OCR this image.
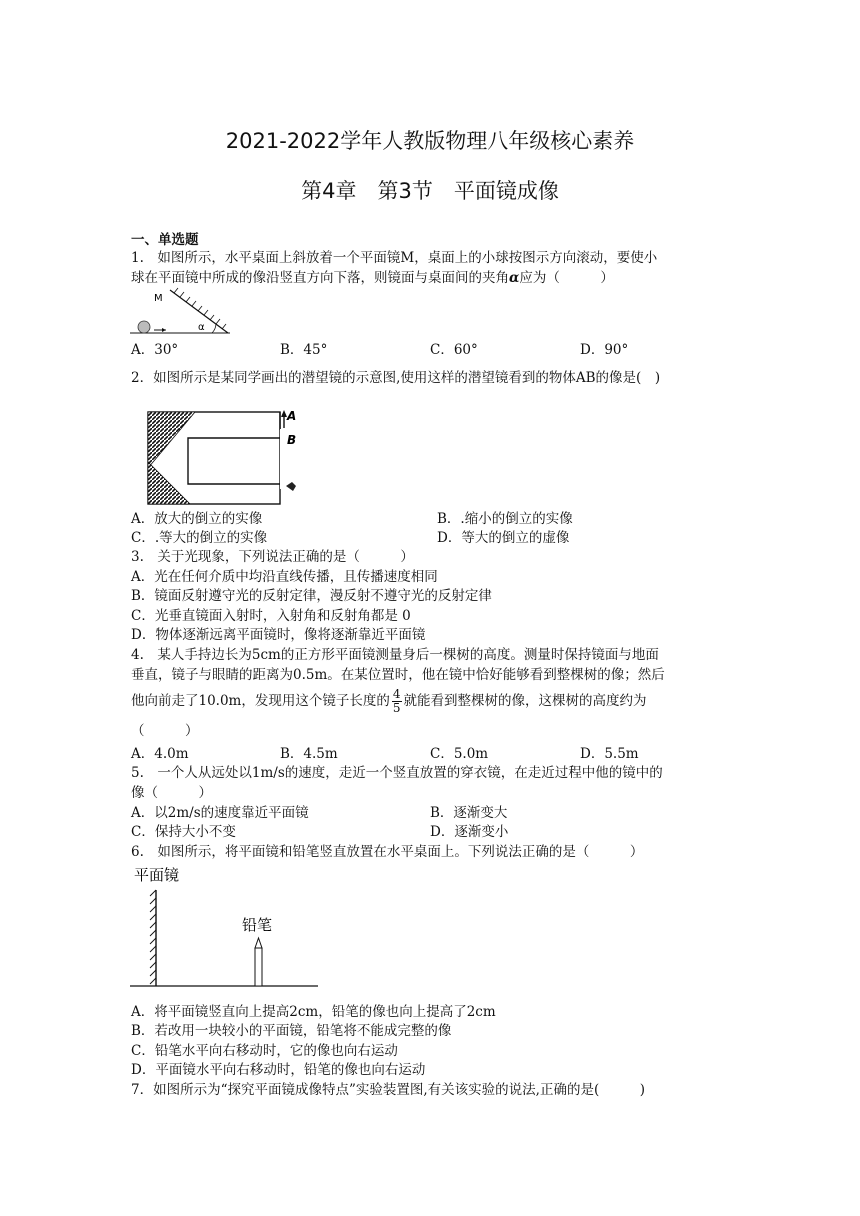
2021-2022学年人教版物理八年级核心素养
第4章　第3节　平面镜成像
一、单选题
1.　如图所示，水平桌面上斜放着一个平面镜M，桌面上的小球按图示方向滚动，要使小
球在平面镜中所成的像沿竖直方向下落，则镜面与桌面间的夹角α应为（　　　）
M
α
A．30°	B．45°	C．60°	D．90°
2．如图所示是某同学画出的潜望镜的示意图,使用这样的潜望镜看到的物体AB的像是(　)
A
B
A．放大的倒立的实像	B．.缩小的倒立的实像
C．.等大的倒立的实像	D．等大的倒立的虚像
3.　关于光现象，下列说法正确的是（　　　）
A．光在任何介质中均沿直线传播，且传播速度相同
B．镜面反射遵守光的反射定律，漫反射不遵守光的反射定律
C．光垂直镜面入射时，入射角和反射角都是 0
D．物体逐渐远离平面镜时，像将逐渐靠近平面镜
4.　某人手持边长为5cm的正方形平面镜测量身后一棵树的高度。测量时保持镜面与地面
垂直，镜子与眼睛的距离为0.5m。在某位置时，他在镜中恰好能够看到整棵树的像；然后
他向前走了10.0m，发现用这个镜子长度的 $\frac{4}{5}$ 就能看到整棵树的像，这棵树的高度约为
（　　　）
A．4.0m	B．4.5m	C．5.0m	D．5.5m
5.　一个人从远处以1m/s的速度，走近一个竖直放置的穿衣镜，在走近过程中他的镜中的
像（　　　）
A．以2m/s的速度靠近平面镜	B．逐渐变大
C．保持大小不变	D．逐渐变小
6.　如图所示，将平面镜和铅笔竖直放置在水平桌面上。下列说法正确的是（　　　）
平面镜
铅笔
A．将平面镜竖直向上提高2cm，铅笔的像也向上提高了2cm
B．若改用一块较小的平面镜，铅笔将不能成完整的像
C．铅笔水平向右移动时，它的像也向右运动
D．平面镜水平向右移动时，铅笔的像也向右运动
7．如图所示为“探究平面镜成像特点”实验装置图,有关该实验的说法,正确的是(　　　)
